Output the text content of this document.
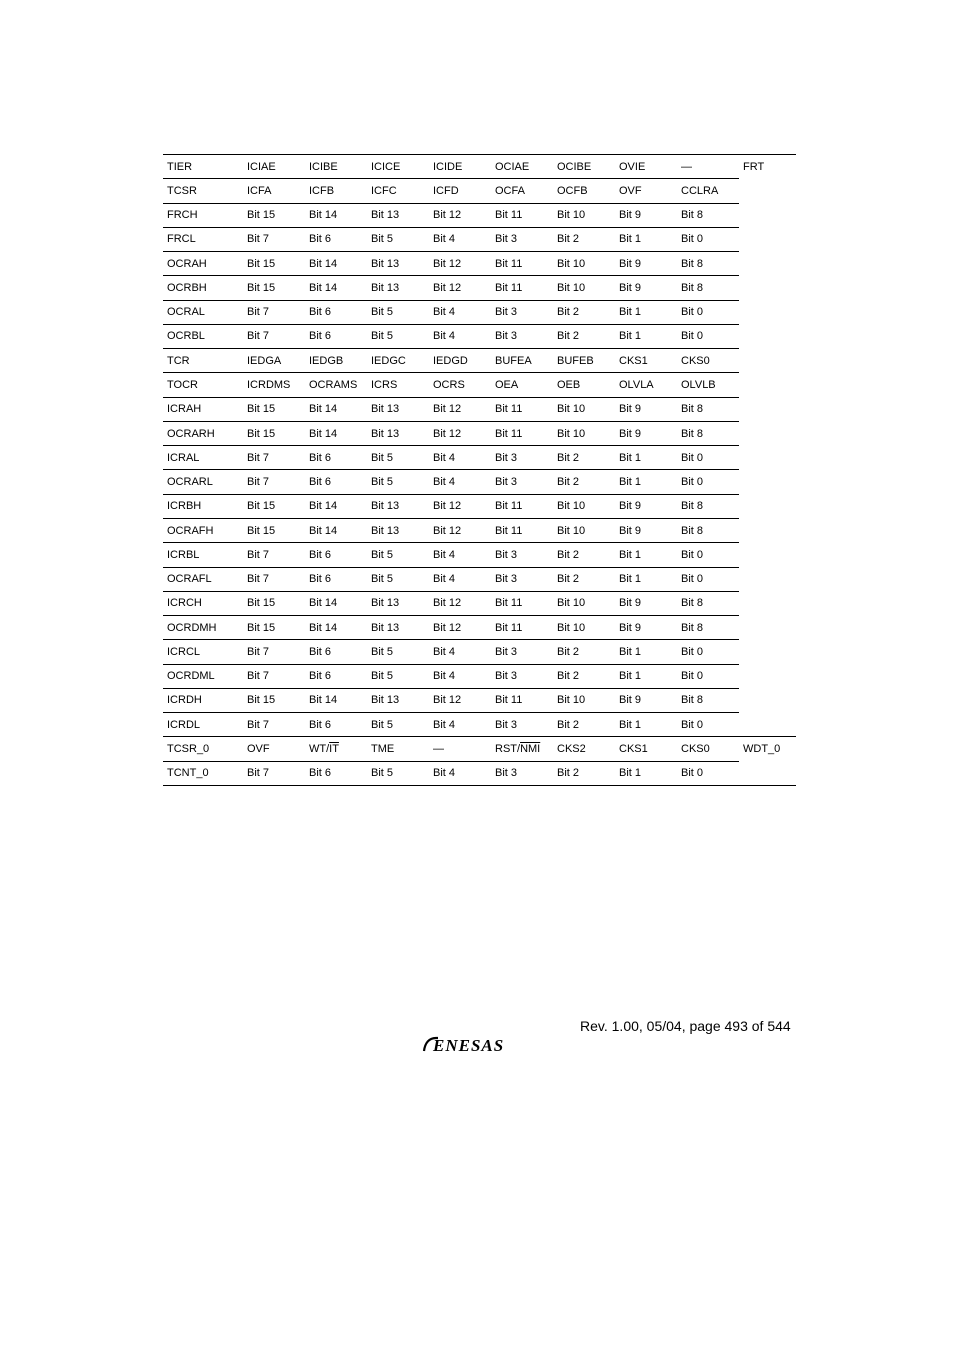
TIER	ICIAE	ICIBE	ICICE	ICIDE	OCIAE	OCIBE	OVIE	—	FRT
TCSR	ICFA	ICFB	ICFC	ICFD	OCFA	OCFB	OVF	CCLRA	
FRCH	Bit 15	Bit 14	Bit 13	Bit 12	Bit 11	Bit 10	Bit 9	Bit 8	
FRCL	Bit 7	Bit 6	Bit 5	Bit 4	Bit 3	Bit 2	Bit 1	Bit 0	
OCRAH	Bit 15	Bit 14	Bit 13	Bit 12	Bit 11	Bit 10	Bit 9	Bit 8	
OCRBH	Bit 15	Bit 14	Bit 13	Bit 12	Bit 11	Bit 10	Bit 9	Bit 8	
OCRAL	Bit 7	Bit 6	Bit 5	Bit 4	Bit 3	Bit 2	Bit 1	Bit 0	
OCRBL	Bit 7	Bit 6	Bit 5	Bit 4	Bit 3	Bit 2	Bit 1	Bit 0	
TCR	IEDGA	IEDGB	IEDGC	IEDGD	BUFEA	BUFEB	CKS1	CKS0	
TOCR	ICRDMS	OCRAMS	ICRS	OCRS	OEA	OEB	OLVLA	OLVLB	
ICRAH	Bit 15	Bit 14	Bit 13	Bit 12	Bit 11	Bit 10	Bit 9	Bit 8	
OCRARH	Bit 15	Bit 14	Bit 13	Bit 12	Bit 11	Bit 10	Bit 9	Bit 8	
ICRAL	Bit 7	Bit 6	Bit 5	Bit 4	Bit 3	Bit 2	Bit 1	Bit 0	
OCRARL	Bit 7	Bit 6	Bit 5	Bit 4	Bit 3	Bit 2	Bit 1	Bit 0	
ICRBH	Bit 15	Bit 14	Bit 13	Bit 12	Bit 11	Bit 10	Bit 9	Bit 8	
OCRAFH	Bit 15	Bit 14	Bit 13	Bit 12	Bit 11	Bit 10	Bit 9	Bit 8	
ICRBL	Bit 7	Bit 6	Bit 5	Bit 4	Bit 3	Bit 2	Bit 1	Bit 0	
OCRAFL	Bit 7	Bit 6	Bit 5	Bit 4	Bit 3	Bit 2	Bit 1	Bit 0	
ICRCH	Bit 15	Bit 14	Bit 13	Bit 12	Bit 11	Bit 10	Bit 9	Bit 8	
OCRDMH	Bit 15	Bit 14	Bit 13	Bit 12	Bit 11	Bit 10	Bit 9	Bit 8	
ICRCL	Bit 7	Bit 6	Bit 5	Bit 4	Bit 3	Bit 2	Bit 1	Bit 0	
OCRDML	Bit 7	Bit 6	Bit 5	Bit 4	Bit 3	Bit 2	Bit 1	Bit 0	
ICRDH	Bit 15	Bit 14	Bit 13	Bit 12	Bit 11	Bit 10	Bit 9	Bit 8	
ICRDL	Bit 7	Bit 6	Bit 5	Bit 4	Bit 3	Bit 2	Bit 1	Bit 0	
TCSR_0	OVF	$WT/\overline{IT}$	TME	—	RST/$\overline{NMI}$	CKS2	CKS1	CKS0	WDT_0
TCNT_0	Bit 7	Bit 6	Bit 5	Bit 4	Bit 3	Bit 2	Bit 1	Bit 0	
Rev. 1.00, 05/04, page 493 of 544
ENESAS
